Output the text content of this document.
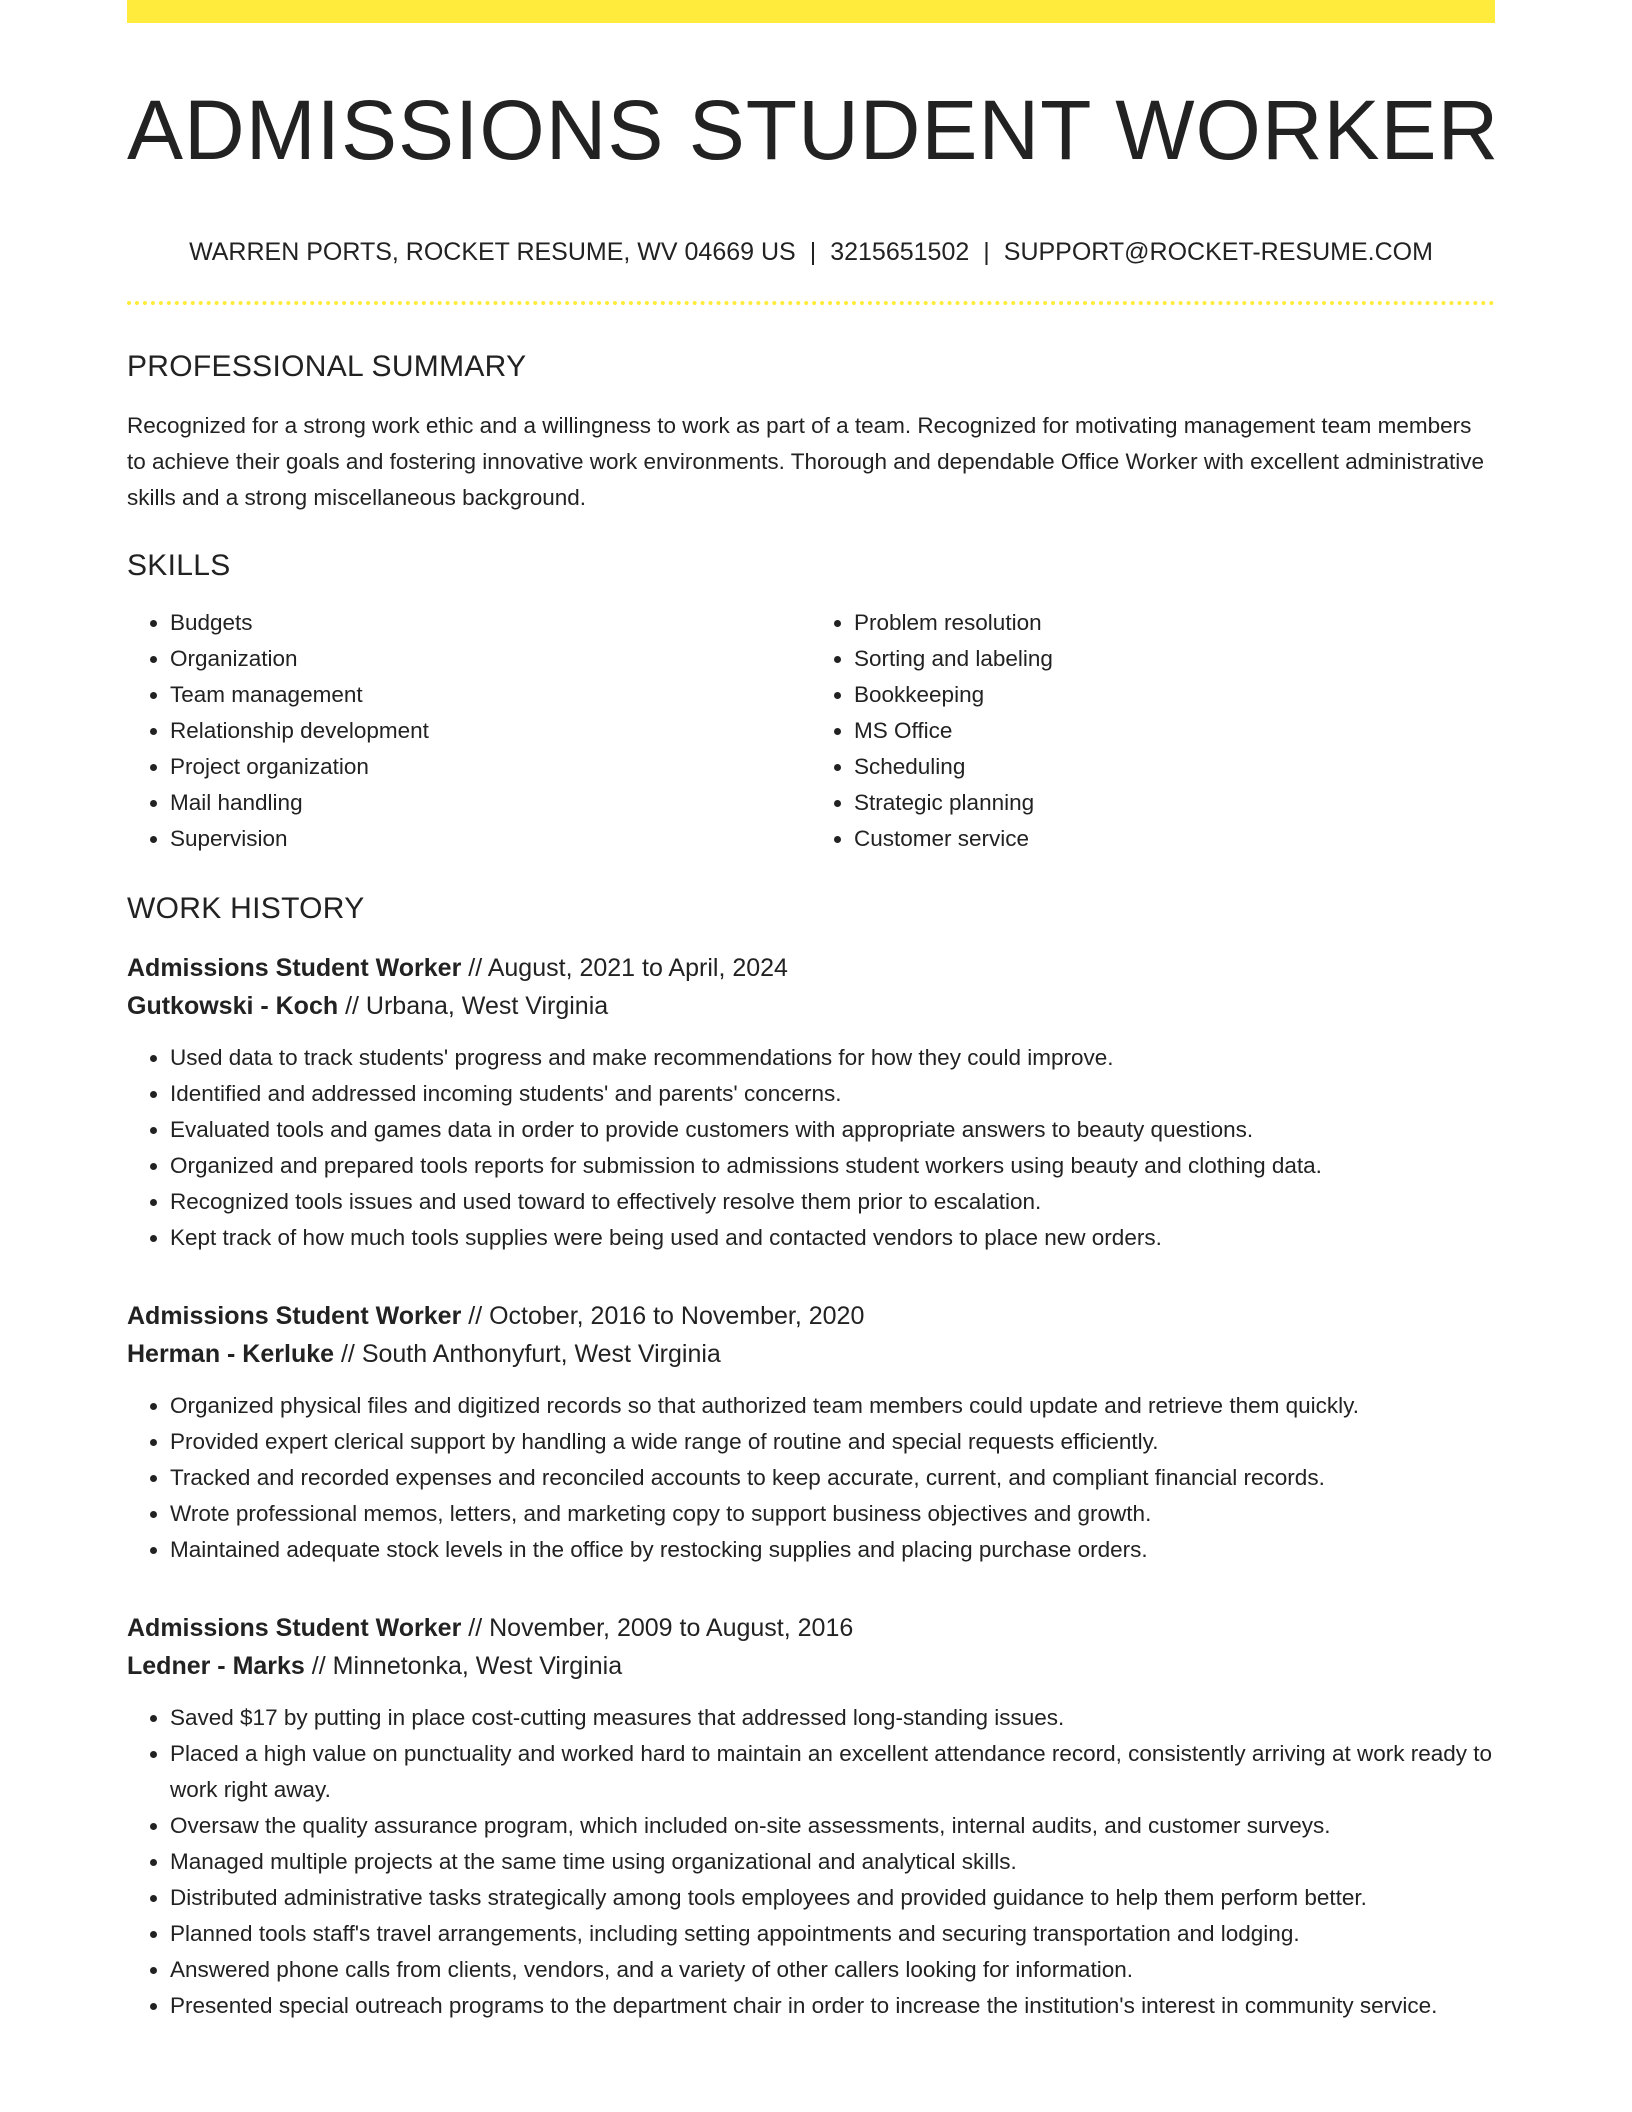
ADMISSIONS STUDENT WORKER
WARREN PORTS, ROCKET RESUME, WV 04669 US | 3215651502 | SUPPORT@ROCKET-RESUME.COM
PROFESSIONAL SUMMARY

Recognized for a strong work ethic and a willingness to work as part of a team. Recognized for motivating management team members to achieve their goals and fostering innovative work environments. Thorough and dependable Office Worker with excellent administrative skills and a strong miscellaneous background.

SKILLS
• Budgets
• Organization
• Team management
• Relationship development
• Project organization
• Mail handling
• Supervision
• Problem resolution
• Sorting and labeling
• Bookkeeping
• MS Office
• Scheduling
• Strategic planning
• Customer service
WORK HISTORY
Admissions Student Worker // August, 2021 to April, 2024
Gutkowski - Koch // Urbana, West Virginia
• Used data to track students' progress and make recommendations for how they could improve.
• Identified and addressed incoming students' and parents' concerns.
• Evaluated tools and games data in order to provide customers with appropriate answers to beauty questions.
• Organized and prepared tools reports for submission to admissions student workers using beauty and clothing data.
• Recognized tools issues and used toward to effectively resolve them prior to escalation.
• Kept track of how much tools supplies were being used and contacted vendors to place new orders.
Admissions Student Worker // October, 2016 to November, 2020
Herman - Kerluke // South Anthonyfurt, West Virginia
• Organized physical files and digitized records so that authorized team members could update and retrieve them quickly.
• Provided expert clerical support by handling a wide range of routine and special requests efficiently.
• Tracked and recorded expenses and reconciled accounts to keep accurate, current, and compliant financial records.
• Wrote professional memos, letters, and marketing copy to support business objectives and growth.
• Maintained adequate stock levels in the office by restocking supplies and placing purchase orders.
Admissions Student Worker // November, 2009 to August, 2016
Ledner - Marks // Minnetonka, West Virginia
• Saved $17 by putting in place cost-cutting measures that addressed long-standing issues.
• Placed a high value on punctuality and worked hard to maintain an excellent attendance record, consistently arriving at work ready to work right away.
• Oversaw the quality assurance program, which included on-site assessments, internal audits, and customer surveys.
• Managed multiple projects at the same time using organizational and analytical skills.
• Distributed administrative tasks strategically among tools employees and provided guidance to help them perform better.
• Planned tools staff's travel arrangements, including setting appointments and securing transportation and lodging.
• Answered phone calls from clients, vendors, and a variety of other callers looking for information.
• Presented special outreach programs to the department chair in order to increase the institution's interest in community service.
